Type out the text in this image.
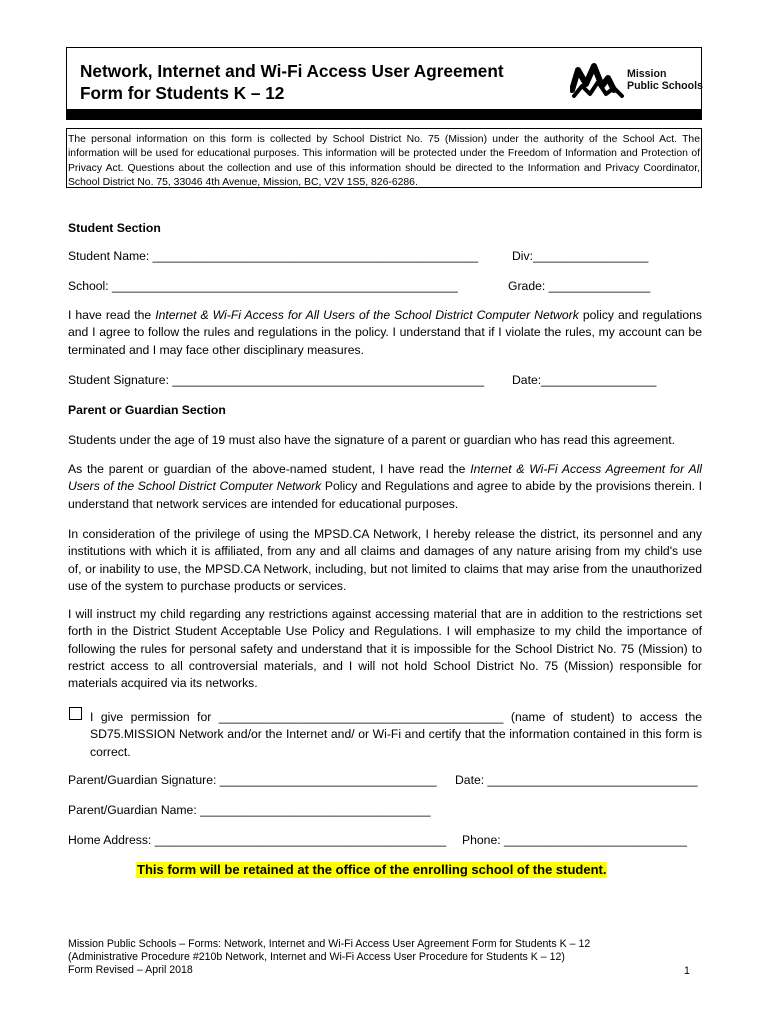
Network, Internet and Wi-Fi Access User Agreement
Form for Students K – 12
Mission
Public Schools
The personal information on this form is collected by School District No. 75 (Mission) under the authority of the School Act. The information will be used for educational purposes. This information will be protected under the Freedom of Information and Protection of Privacy Act. Questions about the collection and use of this information should be directed to the Information and Privacy Coordinator, School District No. 75, 33046 4th Avenue, Mission, BC, V2V 1S5, 826-6286.
Student Section
Student Name: ________________________________________________	Div:_________________
School: ___________________________________________________	Grade: _______________
I have read the Internet & Wi-Fi Access for All Users of the School District Computer Network policy and regulations and I agree to follow the rules and regulations in the policy. I understand that if I violate the rules, my account can be terminated and I may face other disciplinary measures.
Student Signature: ______________________________________________ Date:_________________
Parent or Guardian Section
Students under the age of 19 must also have the signature of a parent or guardian who has read this agreement.
As the parent or guardian of the above-named student, I have read the Internet & Wi-Fi Access Agreement for All Users of the School District Computer Network Policy and Regulations and agree to abide by the provisions therein. I understand that network services are intended for educational purposes.
In consideration of the privilege of using the MPSD.CA Network, I hereby release the district, its personnel and any institutions with which it is affiliated, from any and all claims and damages of any nature arising from my child's use of, or inability to use, the MPSD.CA Network, including, but not limited to claims that may arise from the unauthorized use of the system to purchase products or services.
I will instruct my child regarding any restrictions against accessing material that are in addition to the restrictions set forth in the District Student Acceptable Use Policy and Regulations. I will emphasize to my child the importance of following the rules for personal safety and understand that it is impossible for the School District No. 75 (Mission) to restrict access to all controversial materials, and I will not hold School District No. 75 (Mission) responsible for materials acquired via its networks.
I give permission for __________________________________________ (name of student) to access the SD75.MISSION Network and/or the Internet and/ or Wi-Fi and certify that the information contained in this form is correct.
Parent/Guardian Signature: ________________________________ Date: _______________________________
Parent/Guardian Name: __________________________________
Home Address: ___________________________________________ Phone: ___________________________
This form will be retained at the office of the enrolling school of the student.
Mission Public Schools – Forms: Network, Internet and Wi-Fi Access User Agreement Form for Students K – 12
(Administrative Procedure #210b Network, Internet and Wi-Fi Access User Procedure for Students K – 12)
Form Revised – April 2018	1
